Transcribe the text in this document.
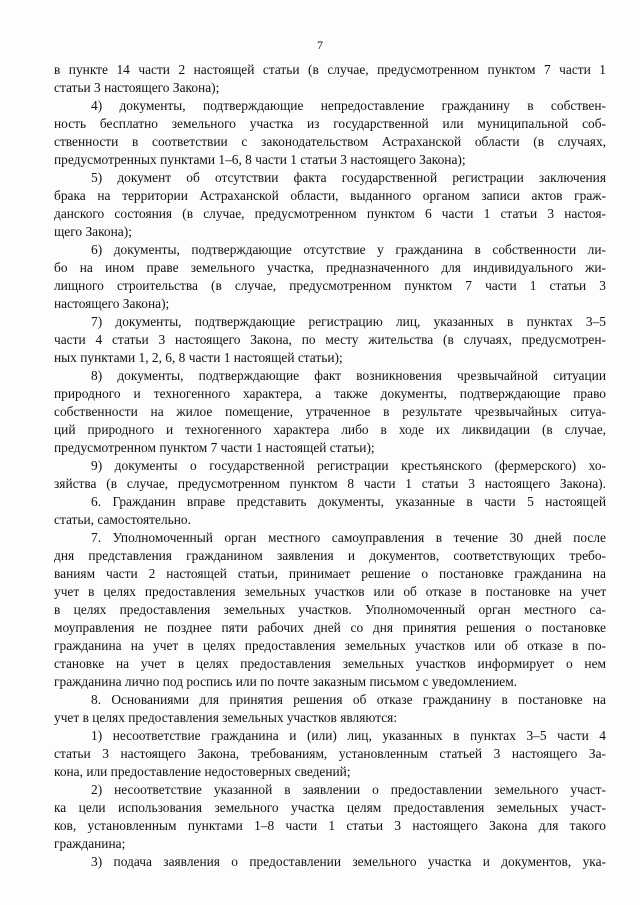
7
в пункте 14 части 2 настоящей статьи (в случае, предусмотренном пунктом 7 части 1
статьи 3 настоящего Закона);
4) документы, подтверждающие непредоставление гражданину в собствен-
ность бесплатно земельного участка из государственной или муниципальной соб-
ственности в соответствии с законодательством Астраханской области (в случаях,
предусмотренных пунктами 1–6, 8 части 1 статьи 3 настоящего Закона);
5) документ об отсутствии факта государственной регистрации заключения
брака на территории Астраханской области, выданного органом записи актов граж-
данского состояния (в случае, предусмотренном пунктом 6 части 1 статьи 3 настоя-
щего Закона);
6) документы, подтверждающие отсутствие у гражданина в собственности ли-
бо на ином праве земельного участка, предназначенного для индивидуального жи-
лищного строительства (в случае, предусмотренном пунктом 7 части 1 статьи 3
настоящего Закона);
7) документы, подтверждающие регистрацию лиц, указанных в пунктах 3–5
части 4 статьи 3 настоящего Закона, по месту жительства (в случаях, предусмотрен-
ных пунктами 1, 2, 6, 8 части 1 настоящей статьи);
8) документы, подтверждающие факт возникновения чрезвычайной ситуации
природного и техногенного характера, а также документы, подтверждающие право
собственности на жилое помещение, утраченное в результате чрезвычайных ситуа-
ций природного и техногенного характера либо в ходе их ликвидации (в случае,
предусмотренном пунктом 7 части 1 настоящей статьи);
9) документы о государственной регистрации крестьянского (фермерского) хо-
зяйства (в случае, предусмотренном пунктом 8 части 1 статьи 3 настоящего Закона).
6. Гражданин вправе представить документы, указанные в части 5 настоящей
статьи, самостоятельно.
7. Уполномоченный орган местного самоуправления в течение 30 дней после
дня представления гражданином заявления и документов, соответствующих требо-
ваниям части 2 настоящей статьи, принимает решение о постановке гражданина на
учет в целях предоставления земельных участков или об отказе в постановке на учет
в целях предоставления земельных участков. Уполномоченный орган местного са-
моуправления не позднее пяти рабочих дней со дня принятия решения о постановке
гражданина на учет в целях предоставления земельных участков или об отказе в по-
становке на учет в целях предоставления земельных участков информирует о нем
гражданина лично под роспись или по почте заказным письмом с уведомлением.
8. Основаниями для принятия решения об отказе гражданину в постановке на
учет в целях предоставления земельных участков являются:
1) несоответствие гражданина и (или) лиц, указанных в пунктах 3–5 части 4
статьи 3 настоящего Закона, требованиям, установленным статьей 3 настоящего За-
кона, или предоставление недостоверных сведений;
2) несоответствие указанной в заявлении о предоставлении земельного участ-
ка цели использования земельного участка целям предоставления земельных участ-
ков, установленным пунктами 1–8 части 1 статьи 3 настоящего Закона для такого
гражданина;
3) подача заявления о предоставлении земельного участка и документов, ука-
